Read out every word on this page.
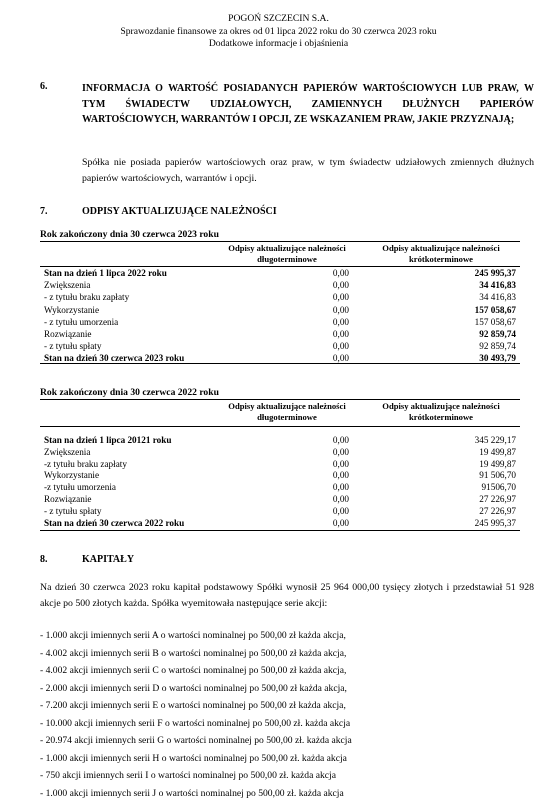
POGOŃ SZCZECIN S.A.
Sprawozdanie finansowe za okres od 01 lipca 2022 roku do 30 czerwca 2023 roku
Dodatkowe informacje i objaśnienia
6.	INFORMACJA O WARTOŚĆ POSIADANYCH PAPIERÓW WARTOŚCIOWYCH LUB PRAW, W TYM ŚWIADECTW UDZIAŁOWYCH, ZAMIENNYCH DŁUŻNYCH PAPIERÓW WARTOŚCIOWYCH, WARRANTÓW I OPCJI, ZE WSKAZANIEM PRAW, JAKIE PRZYZNAJĄ;
Spółka nie posiada papierów wartościowych oraz praw, w tym świadectw udziałowych zmiennych dłużnych papierów wartościowych, warrantów i opcji.
7.	ODPISY AKTUALIZUJĄCE NALEŻNOŚCI
Rok zakończony dnia 30 czerwca 2023 roku
Odpisy aktualizujące należności długoterminowe
Odpisy aktualizujące należności krótkoterminowe
Stan na dzień 1 lipca 2022 roku	0,00	245 995,37
Zwiększenia	0,00	34 416,83
- z tytułu braku zapłaty	0,00	34 416,83
Wykorzystanie	0,00	157 058,67
- z tytułu umorzenia	0,00	157 058,67
Rozwiązanie	0,00	92 859,74
- z tytułu spłaty	0,00	92 859,74
Stan na dzień 30 czerwca 2023 roku	0,00	30 493,79
Rok zakończony dnia 30 czerwca 2022 roku
Odpisy aktualizujące należności długoterminowe
Odpisy aktualizujące należności krótkoterminowe
Stan na dzień 1 lipca 20121 roku	0,00	345 229,17
Zwiększenia	0,00	19 499,87
-z tytułu braku zapłaty	0,00	19 499,87
Wykorzystanie	0,00	91 506,70
-z tytułu umorzenia	0,00	91506,70
Rozwiązanie	0,00	27 226,97
- z tytułu spłaty	0,00	27 226,97
Stan na dzień 30 czerwca 2022 roku	0,00	245 995,37
8.	KAPITAŁY
Na dzień 30 czerwca 2023 roku kapitał podstawowy Spółki wynosił 25 964 000,00 tysięcy złotych i przedstawiał 51 928 akcje po 500 złotych każda. Spółka wyemitowała następujące serie akcji:
- 1.000 akcji imiennych serii A o wartości nominalnej po 500,00 zł każda akcja,
- 4.002 akcji imiennych serii B o wartości nominalnej po 500,00 zł każda akcja,
- 4.002 akcji imiennych serii C o wartości nominalnej po 500,00 zł każda akcja,
- 2.000 akcji imiennych serii D o wartości nominalnej po 500,00 zł każda akcja,
- 7.200 akcji imiennych serii E o wartości nominalnej po 500,00 zł każda akcja,
- 10.000 akcji imiennych serii F o wartości nominalnej po 500,00 zł. każda akcja
- 20.974 akcji imiennych serii G o wartości nominalnej po 500,00 zł. każda akcja
- 1.000 akcji imiennych serii H o wartości nominalnej po 500,00 zł. każda akcja
- 750 akcji imiennych serii I o wartości nominalnej po 500,00 zł. każda akcja
- 1.000 akcji imiennych serii J o wartości nominalnej po 500,00 zł. każda akcja
